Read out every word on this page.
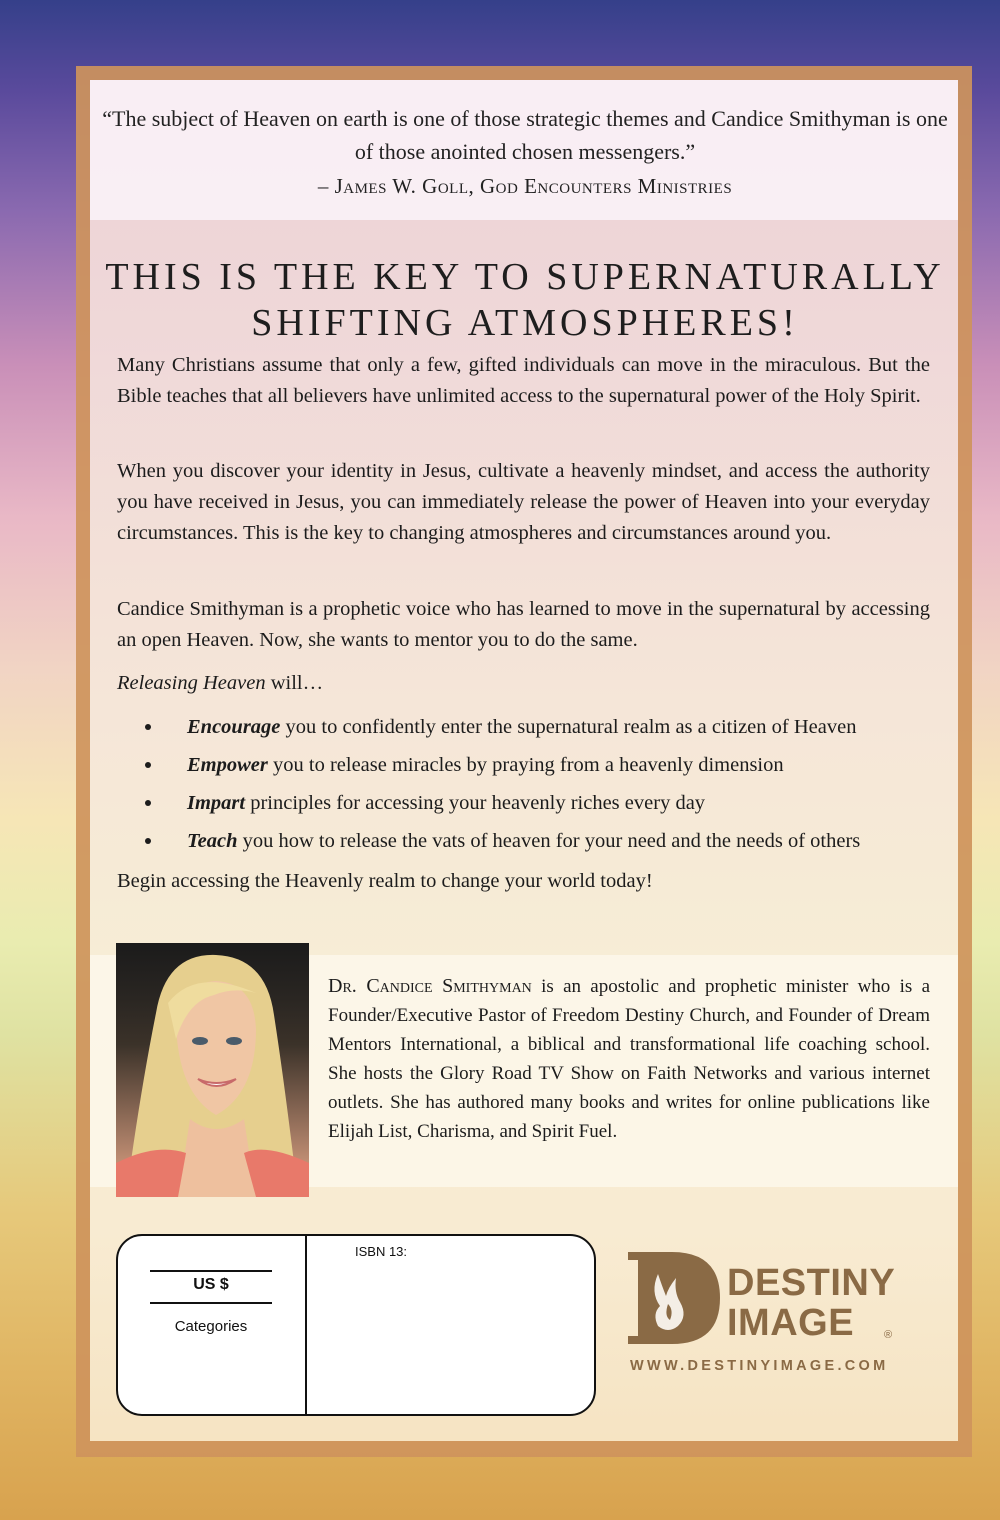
“The subject of Heaven on earth is one of those strategic themes and Candice Smithyman is one of those anointed chosen messengers.”

– James W. Goll, God Encounters Ministries

THIS IS THE KEY TO SUPERNATURALLY
SHIFTING ATMOSPHERES!

Many Christians assume that only a few, gifted individuals can move in the miraculous. But the Bible teaches that all believers have unlimited access to the supernatural power of the Holy Spirit.

When you discover your identity in Jesus, cultivate a heavenly mindset, and access the authority you have received in Jesus, you can immediately release the power of Heaven into your everyday circumstances. This is the key to changing atmospheres and circumstances around you.

Candice Smithyman is a prophetic voice who has learned to move in the supernatural by accessing an open Heaven. Now, she wants to mentor you to do the same.

Releasing Heaven will…

Encourage you to confidently enter the supernatural realm as a citizen of Heaven
Empower you to release miracles by praying from a heavenly dimension
Impart principles for accessing your heavenly riches every day
Teach you how to release the vats of heaven for your need and the needs of others

Begin accessing the Heavenly realm to change your world today!

Dr. Candice Smithyman is an apostolic and prophetic minister who is a Founder/Executive Pastor of Freedom Destiny Church, and Founder of Dream Mentors International, a biblical and transformational life coaching school. She hosts the Glory Road TV Show on Faith Networks and various internet outlets. She has authored many books and writes for online publications like Elijah List, Charisma, and Spirit Fuel.

US $
Categories
ISBN 13:
DESTINY
IMAGE	®
WWW.DESTINYIMAGE.COM
